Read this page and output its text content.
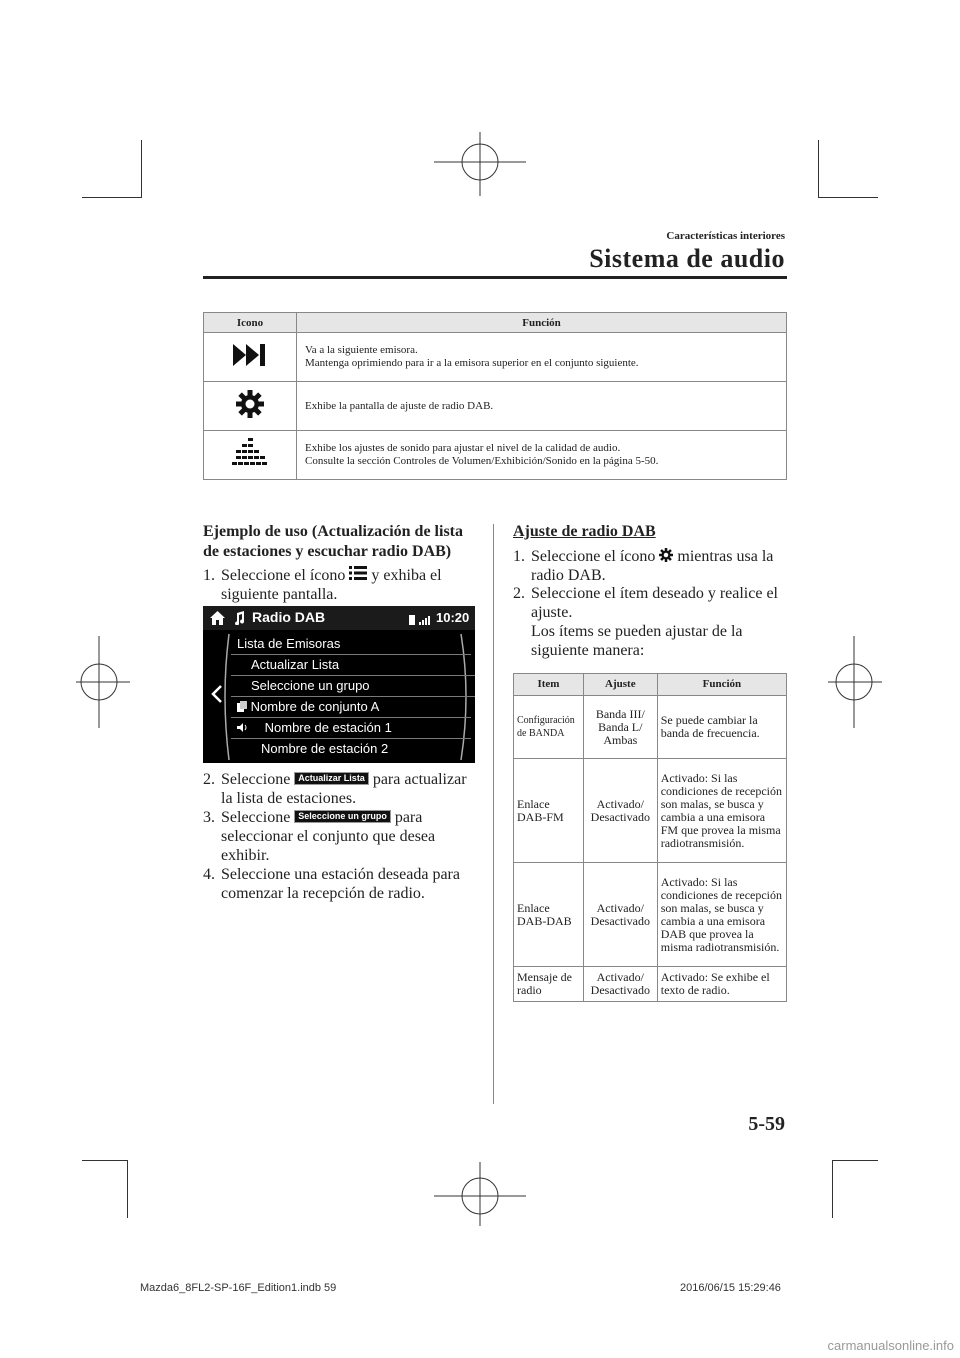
Características interiores
Sistema de audio
Icono	Función
	Va a la siguiente emisora.
Mantenga oprimiendo para ir a la emisora superior en el conjunto siguiente.
	Exhibe la pantalla de ajuste de radio DAB.
	Exhibe los ajustes de sonido para ajustar el nivel de la calidad de audio.
Consulte la sección Controles de Volumen/Exhibición/Sonido en la página 5-50.
Ejemplo de uso (Actualización de lista
de estaciones y escuchar radio DAB)
1. Seleccione el ícono y exhiba el
siguiente pantalla.
Radio DAB	10:20
Lista de Emisoras
Actualizar Lista
Seleccione un grupo
Nombre de conjunto A
Nombre de estación 1
Nombre de estación 2
2. Seleccione Actualizar Lista para actualizar
la lista de estaciones.
3. Seleccione Seleccione un grupo para
seleccionar el conjunto que desea
exhibir.
4. Seleccione una estación deseada para
comenzar la recepción de radio.
Ajuste de radio DAB
1. Seleccione el ícono mientras usa la
radio DAB.
2. Seleccione el ítem deseado y realice el
ajuste.
Los ítems se pueden ajustar de la
siguiente manera:
Item	Ajuste	Función
Configuración de BANDA	Banda III/ Banda L/ Ambas	Se puede cambiar la banda de frecuencia.
Enlace DAB-FM	Activado/ Desactivado	Activado: Si las condiciones de recepción son malas, se busca y cambia a una emisora FM que provea la misma radiotransmisión.
Enlace DAB-DAB	Activado/ Desactivado	Activado: Si las condiciones de recepción son malas, se busca y cambia a una emisora DAB que provea la misma radiotransmisión.
Mensaje de radio	Activado/ Desactivado	Activado: Se exhibe el texto de radio.
5-59
Mazda6_8FL2-SP-16F_Edition1.indb 59	2016/06/15 15:29:46
carmanualsonline.info
